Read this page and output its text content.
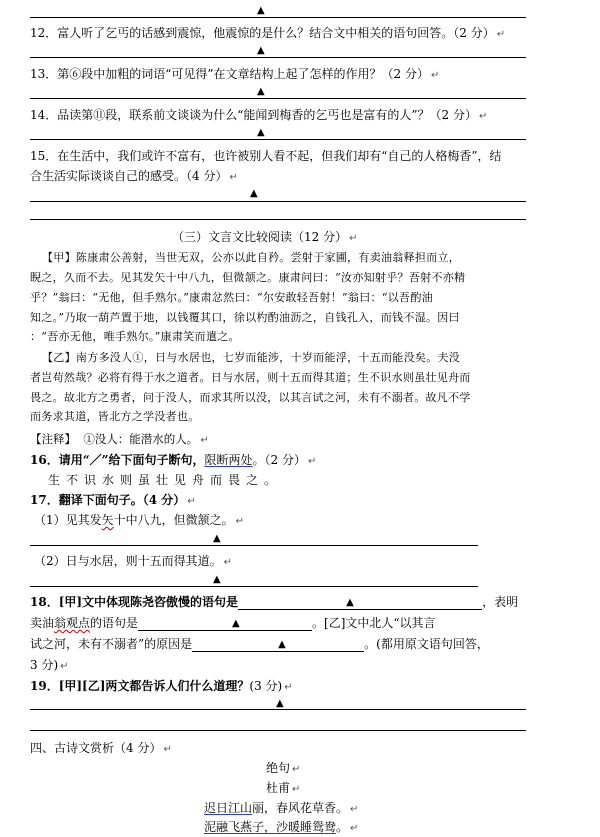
▲
12．富人听了乞丐的话感到震惊，他震惊的是什么？结合文中相关的语句回答。（2 分） ↵
▲
13．第⑥段中加粗的词语“可见得”在文章结构上起了怎样的作用？（2 分） ↵
▲
14．品读第⑪段，联系前文谈谈为什么“能闻到梅香的乞丐也是富有的人”？（2 分） ↵
▲
15．在生活中，我们或许不富有，也许被别人看不起，但我们却有“自己的人格梅香”，结
合生活实际谈谈自己的感受。（4 分） ↵
▲
（三）文言文比较阅读（12 分） ↵
【甲】陈康肃公善射，当世无双，公亦以此自矜。尝射于家圃，有卖油翁释担而立，
睨之，久而不去。见其发矢十中八九，但微颔之。康肃问曰：“汝亦知射乎？吾射不亦精
乎？”翁曰：“无他，但手熟尔。”康肃忿然曰：“尔安敢轻吾射！”翁曰：“以吾酌油
知之。”乃取一葫芦置于地，以钱覆其口，徐以杓酌油沥之，自钱孔入，而钱不湿。因曰
：“吾亦无他，唯手熟尔。”康肃笑而遣之。
【乙】南方多没人①，日与水居也，七岁而能涉，十岁而能浮，十五而能没矣。夫没
者岂苟然哉？必将有得于水之道者。日与水居，则十五而得其道；生不识水则虽壮见舟而
畏之。故北方之勇者，问于没人，而求其所以没，以其言试之河，未有不溺者。故凡不学
而务求其道，皆北方之学没者也。
【注释】 ①没人：能潜水的人。 ↵
16．请用“／”给下面句子断句，限断两处。（2 分） ↵
生不识水则虽壮见舟而畏之。
17．翻译下面句子。（4 分） ↵
（1）见其发矢十中八九，但微颔之。 ↵
▲
（2）日与水居，则十五而得其道。 ↵
▲
18．[甲]文中体现陈尧咨傲慢的语句是	▲	，表明
卖油翁观点的语句是	▲	。[乙]文中北人“以其言
试之河，未有不溺者”的原因是	▲	。(都用原文语句回答，
3 分) ↵
19．[甲][乙]两文都告诉人们什么道理？(3 分) ↵
▲
四、古诗文赏析（4 分） ↵
绝句 ↵
杜甫 ↵
迟日江山丽，春风花草香。 ↵
泥融飞燕子，沙暖睡鸳鸯。 ↵
